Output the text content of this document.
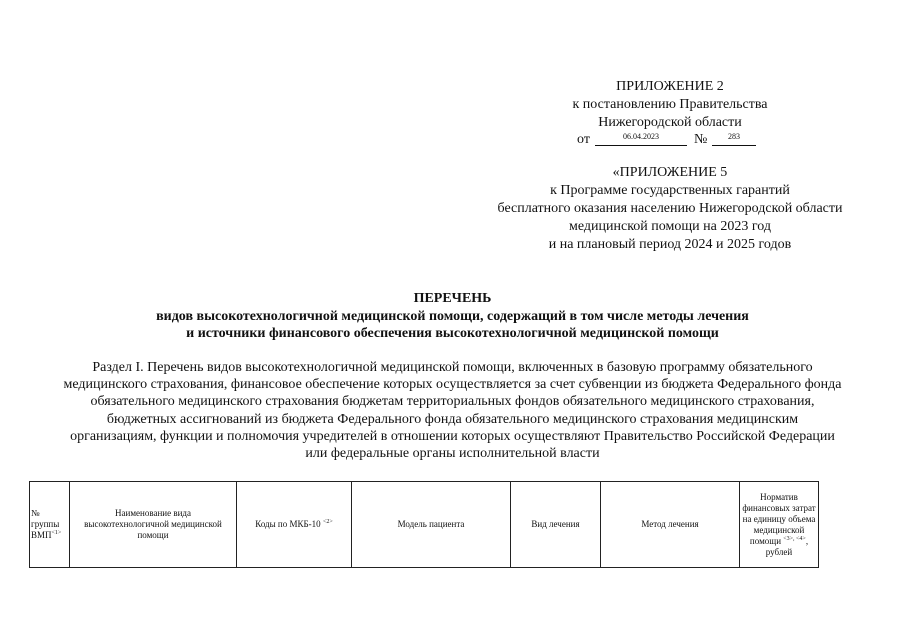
ПРИЛОЖЕНИЕ 2
к постановлению Правительства
Нижегородской области
от	06.04.2023	№	283
«ПРИЛОЖЕНИЕ 5
к Программе государственных гарантий
бесплатного оказания населению Нижегородской области
медицинской помощи на 2023 год
и на плановый период 2024 и 2025 годов
ПЕРЕЧЕНЬ
видов высокотехнологичной медицинской помощи, содержащий в том числе методы лечения
и источники финансового обеспечения высокотехнологичной медицинской помощи
Раздел I. Перечень видов высокотехнологичной медицинской помощи, включенных в базовую программу обязательного
медицинского страхования, финансовое обеспечение которых осуществляется за счет субвенции из бюджета Федерального фонда
обязательного медицинского страхования бюджетам территориальных фондов обязательного медицинского страхования,
бюджетных ассигнований из бюджета Федерального фонда обязательного медицинского страхования медицинским
организациям, функции и полномочия учредителей в отношении которых осуществляют Правительство Российской Федерации
или федеральные органы исполнительной власти
№ группы $ВМП^{<1>}$	Наименование вида высокотехнологичной медицинской помощи	Коды по МКБ-10 $^{<2>}$	Модель пациента	Вид лечения	Метод лечения	Норматив финансовых затрат на единицу объема медицинской помощи $^{<3>, <4>}$, рублей
